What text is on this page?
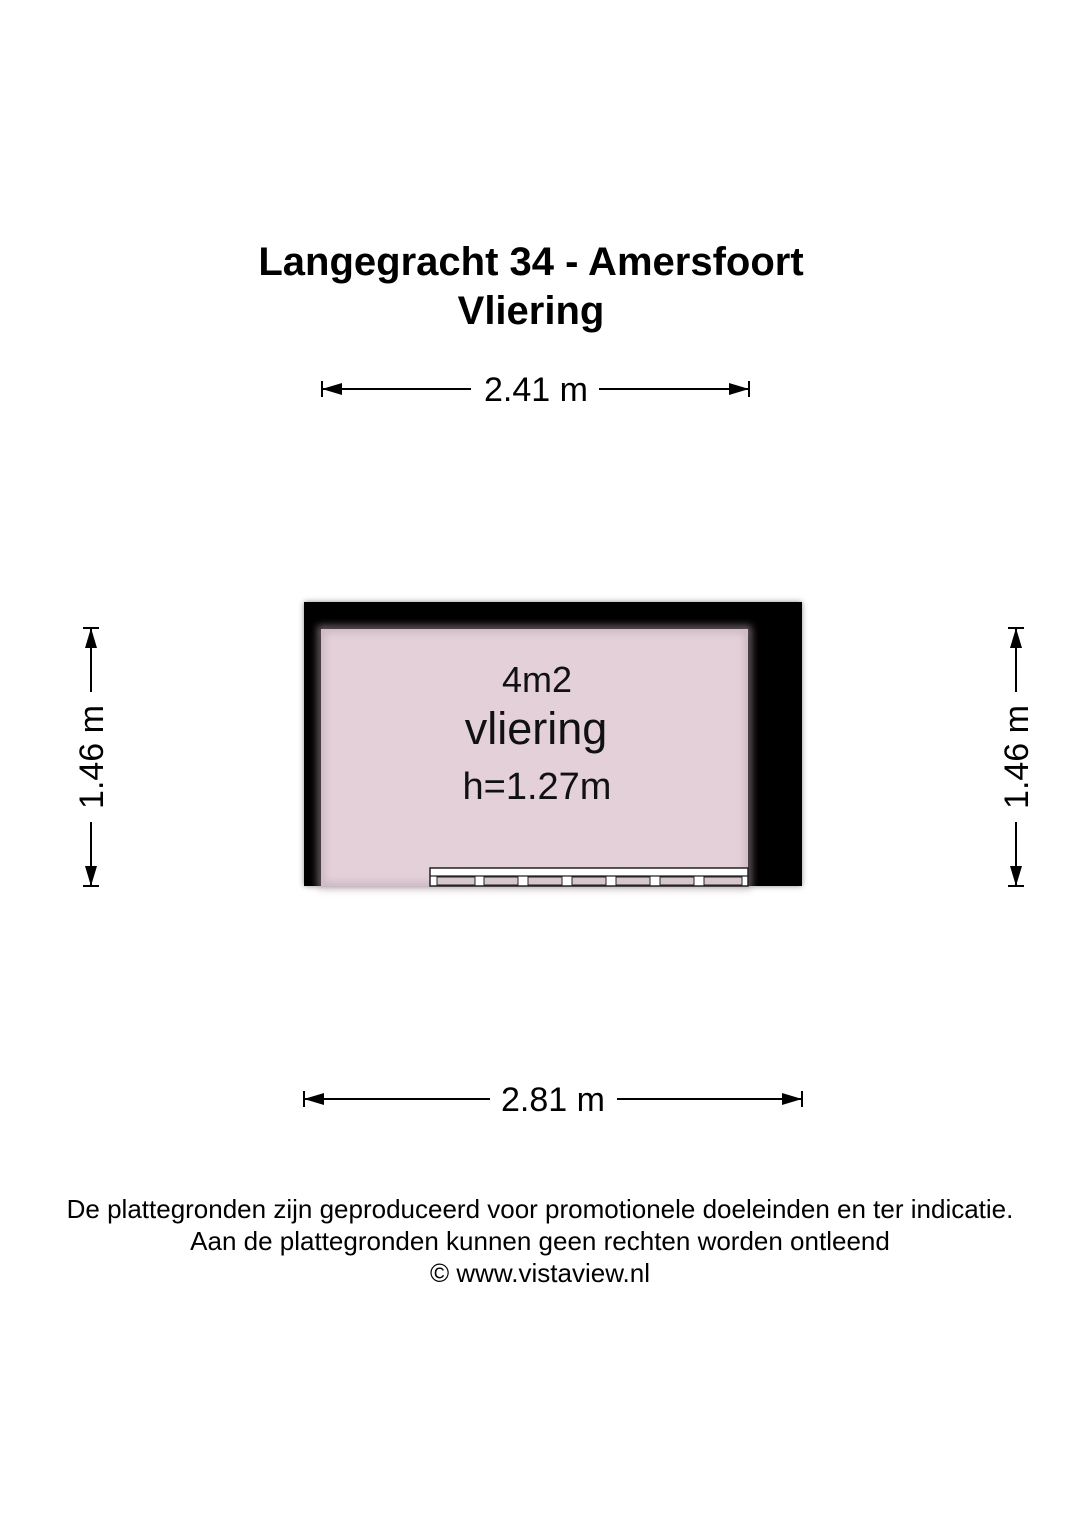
Langegracht 34 - Amersfoort
Vliering
2.41 m
1.46 m	1.46 m
4m2
vliering
h=1.27m
2.81 m
De plattegronden zijn geproduceerd voor promotionele doeleinden en ter indicatie.
Aan de plattegronden kunnen geen rechten worden ontleend
© www.vistaview.nl
